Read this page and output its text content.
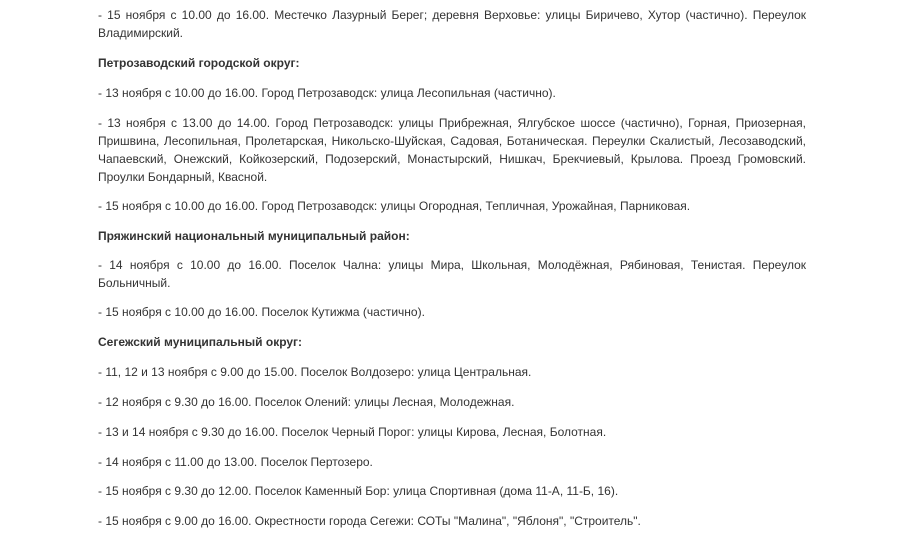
- 15 ноября с 10.00 до 16.00. Местечко Лазурный Берег; деревня Верховье: улицы Биричево, Хутор (частично). Переулок Владимирский.

Петрозаводский городской округ:

- 13 ноября с 10.00 до 16.00. Город Петрозаводск: улица Лесопильная (частично).

- 13 ноября с 13.00 до 14.00. Город Петрозаводск: улицы Прибрежная, Ялгубское шоссе (частично), Горная, Приозерная, Пришвина, Лесопильная, Пролетарская, Никольско-Шуйская, Садовая, Ботаническая. Переулки Скалистый, Лесозаводский, Чапаевский, Онежский, Койкозерский, Подозерский, Монастырский, Нишкач, Брекчиевый, Крылова. Проезд Громовский. Проулки Бондарный, Квасной.

- 15 ноября с 10.00 до 16.00. Город Петрозаводск: улицы Огородная, Тепличная, Урожайная, Парниковая.

Пряжинский национальный муниципальный район:

- 14 ноября с 10.00 до 16.00. Поселок Чална: улицы Мира, Школьная, Молодёжная, Рябиновая, Тенистая. Переулок Больничный.

- 15 ноября с 10.00 до 16.00. Поселок Кутижма (частично).

Сегежский муниципальный округ:

- 11, 12 и 13 ноября с 9.00 до 15.00. Поселок Волдозеро: улица Центральная.

- 12 ноября с 9.30 до 16.00. Поселок Олений: улицы Лесная, Молодежная.

- 13 и 14 ноября с 9.30 до 16.00. Поселок Черный Порог: улицы Кирова, Лесная, Болотная.

- 14 ноября с 11.00 до 13.00. Поселок Пертозеро.

- 15 ноября с 9.30 до 12.00. Поселок Каменный Бор: улица Спортивная (дома 11-А, 11-Б, 16).

- 15 ноября с 9.00 до 16.00. Окрестности города Сегежи: СОТы "Малина", "Яблоня", "Строитель".
